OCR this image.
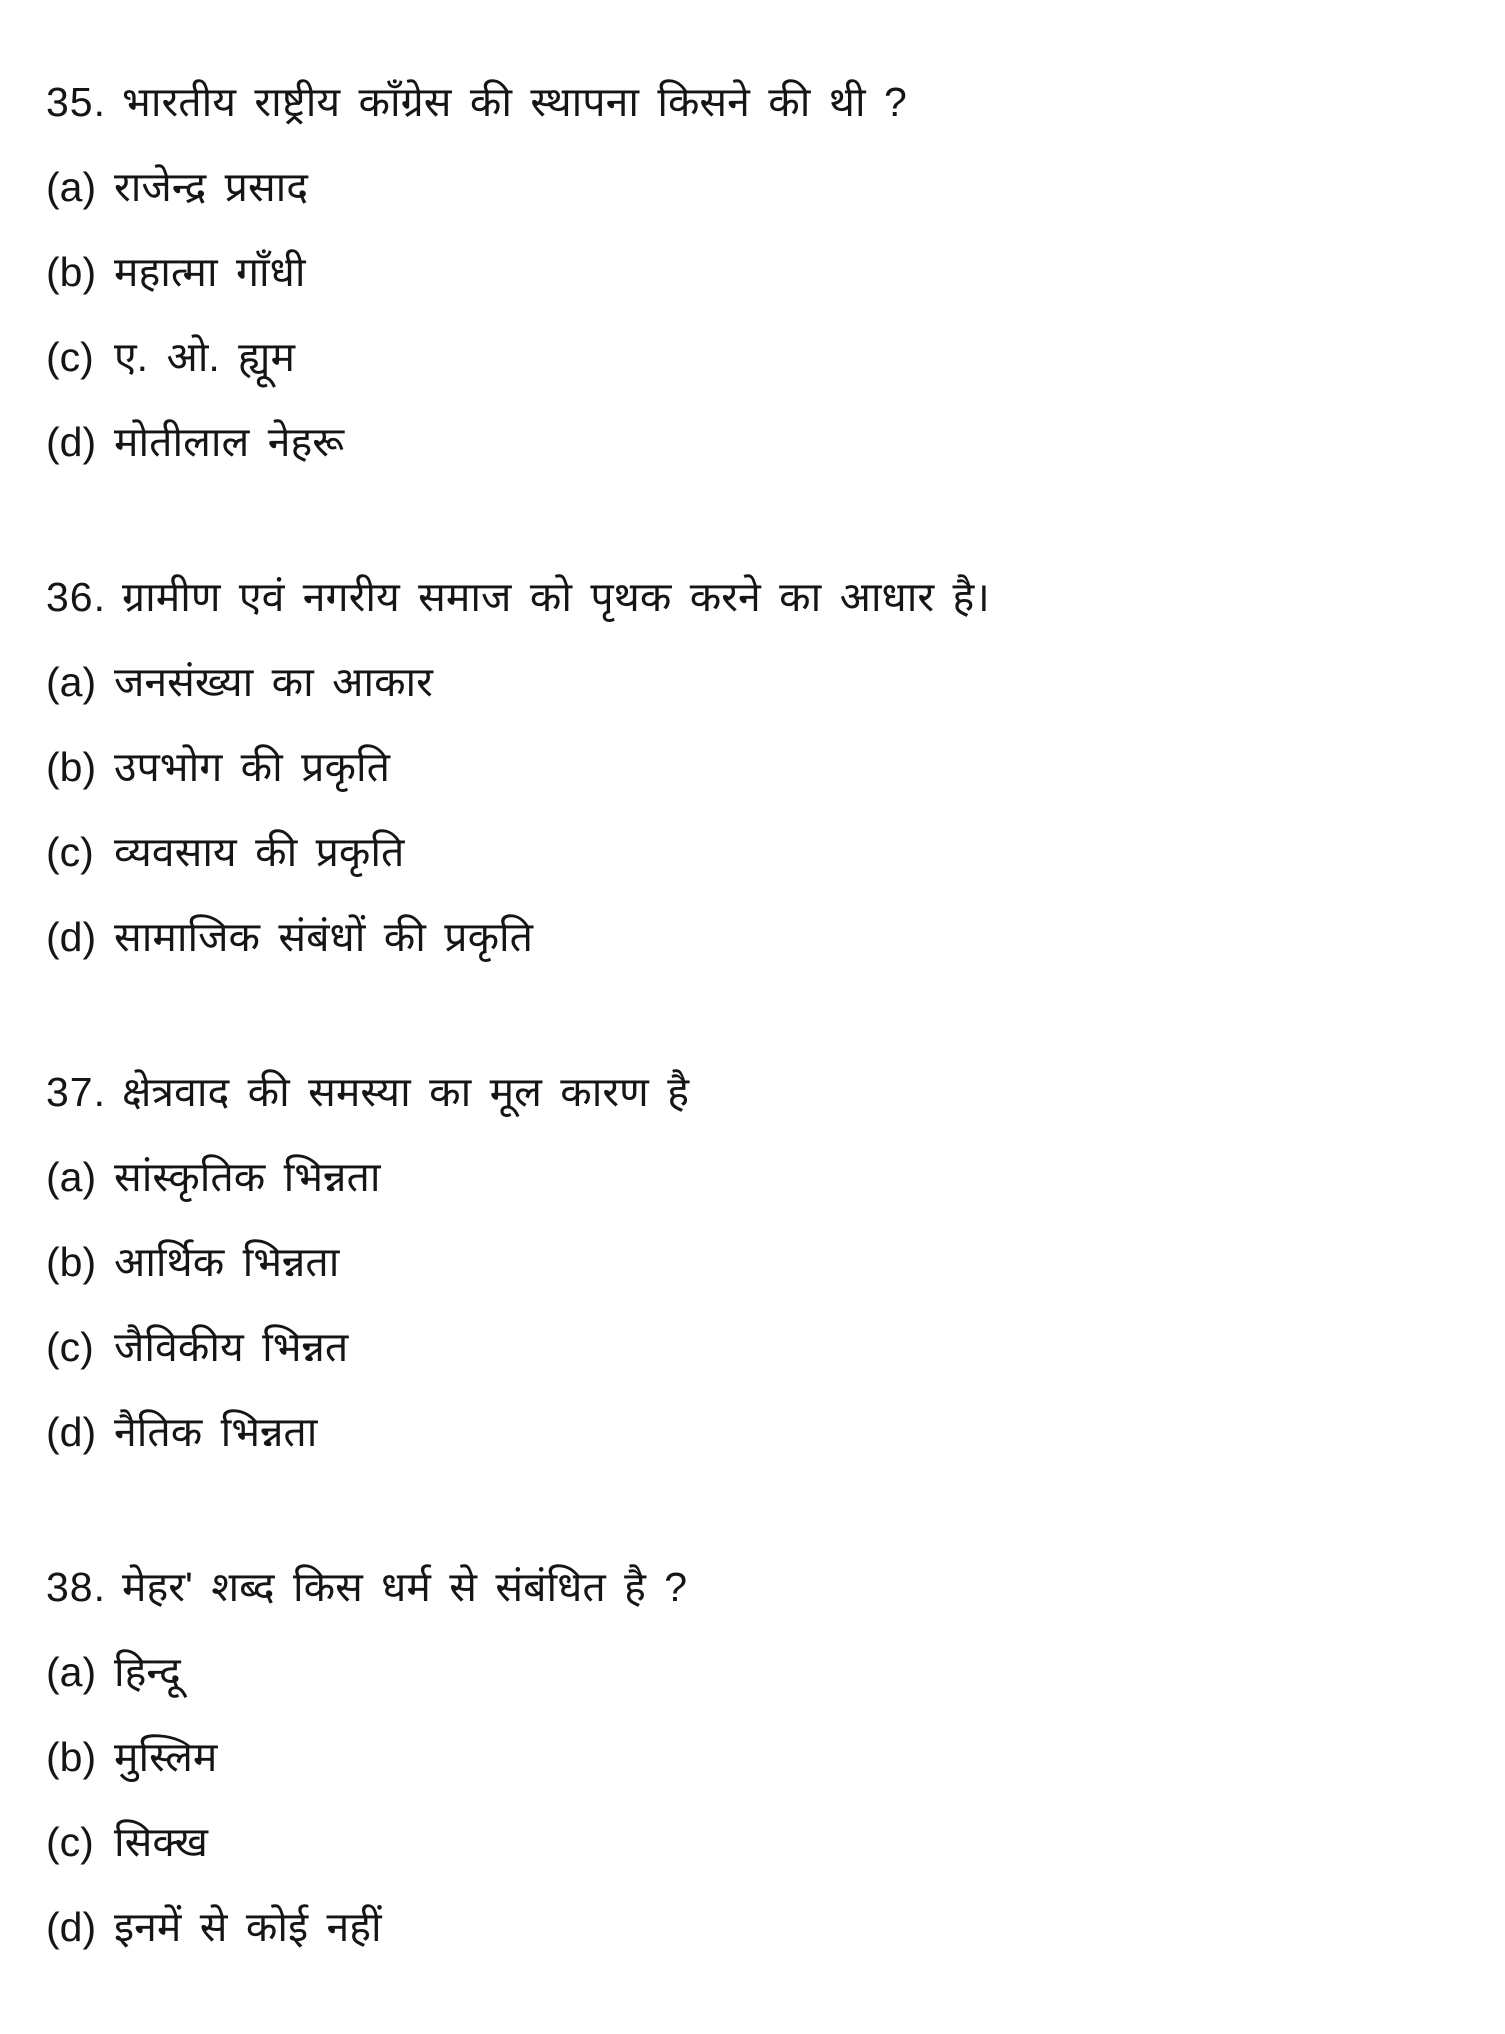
35. भारतीय राष्ट्रीय काँग्रेस की स्थापना किसने की थी ?
(a) राजेन्द्र प्रसाद
(b) महात्मा गाँधी
(c) ए. ओ. ह्यूम
(d) मोतीलाल नेहरू
36. ग्रामीण एवं नगरीय समाज को पृथक करने का आधार है।
(a) जनसंख्या का आकार
(b) उपभोग की प्रकृति
(c) व्यवसाय की प्रकृति
(d) सामाजिक संबंधों की प्रकृति
37. क्षेत्रवाद की समस्या का मूल कारण है
(a) सांस्कृतिक भिन्नता
(b) आर्थिक भिन्नता
(c) जैविकीय भिन्नत
(d) नैतिक भिन्नता
38. मेहर' शब्द किस धर्म से संबंधित है ?
(a) हिन्दू
(b) मुस्लिम
(c) सिक्ख
(d) इनमें से कोई नहीं
